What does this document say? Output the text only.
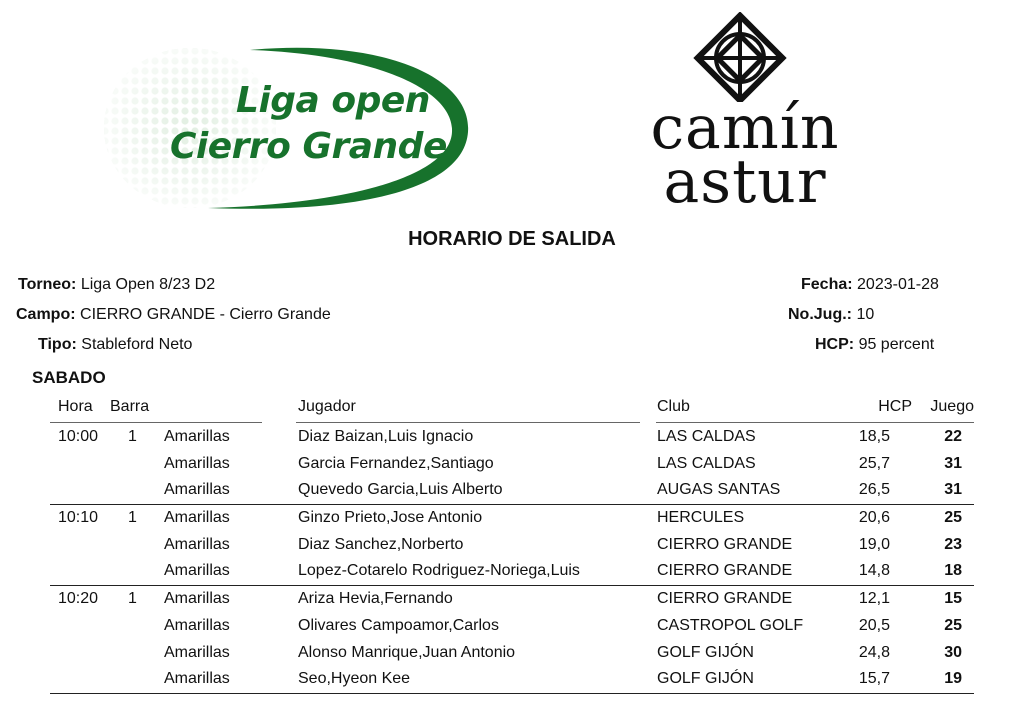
Liga open
Cierro Grande	camín
astur
HORARIO DE SALIDA
Torneo: Liga Open 8/23 D2
Campo: CIERRO GRANDE - Cierro Grande
Tipo: Stableford Neto
Fecha: 2023-01-28
No.Jug.: 10
HCP: 95 percent
SABADO
Hora Barra	Jugador	Club	HCP Juego
10:00 1 Amarillas	Diaz Baizan,Luis Ignacio	LAS CALDAS	18,5	22
Amarillas	Garcia Fernandez,Santiago	LAS CALDAS	25,7	31
Amarillas	Quevedo Garcia,Luis Alberto	AUGAS SANTAS	26,5	31
10:10 1 Amarillas	Ginzo Prieto,Jose Antonio	HERCULES	20,6	25
Amarillas	Diaz Sanchez,Norberto	CIERRO GRANDE	19,0	23
Amarillas	Lopez-Cotarelo Rodriguez-Noriega,Luis	CIERRO GRANDE	14,8	18
10:20 1 Amarillas	Ariza Hevia,Fernando	CIERRO GRANDE	12,1	15
Amarillas	Olivares Campoamor,Carlos	CASTROPOL GOLF	20,5	25
Amarillas	Alonso Manrique,Juan Antonio	GOLF GIJÓN	24,8	30
Amarillas	Seo,Hyeon Kee	GOLF GIJÓN	15,7	19
